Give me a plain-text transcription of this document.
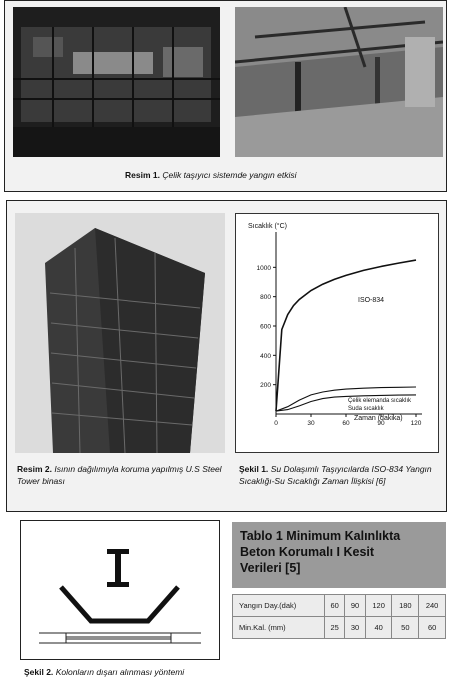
Resim 1. Çelik taşıyıcı sistemde yangın etkisi
Sıcaklık (°C)
200
400
600
800
1000
0	30	60	90	120
ISO-834
Çelik elemanda sıcaklık
Suda sıcaklık
Zaman (dakika)
Resim 2. Isının dağılımıyla koruma yapılmış U.S Steel Tower binası
Şekil 1. Su Dolaşımlı Taşıyıcılarda ISO-834 Yangın Sıcaklığı-Su Sıcaklığı Zaman İlişkisi [6]
Şekil 2. Kolonların dışarı alınması yöntemi
Tablo 1 Minimum Kalınlıkta
Beton Korumalı I Kesit
Verileri [5]
Yangın Day.(dak)	60	90	120	180	240
Min.Kal. (mm)	25	30	40	50	60
